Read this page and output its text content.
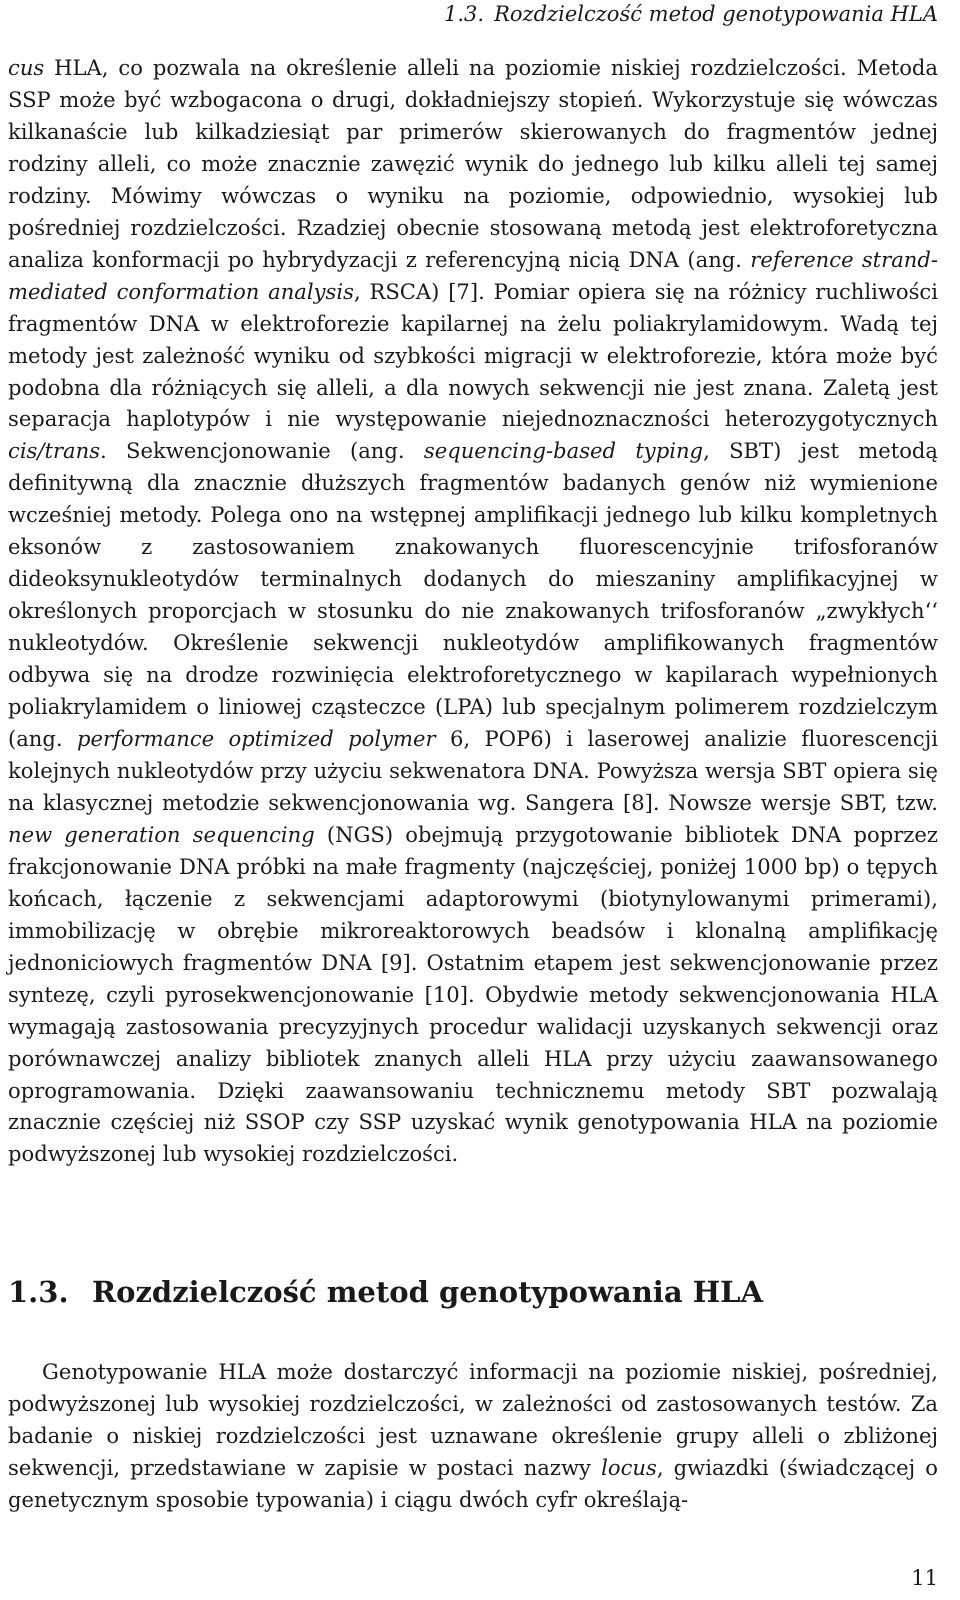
1.3. Rozdzielczość metod genotypowania HLA

cus HLA, co pozwala na określenie alleli na poziomie niskiej rozdzielczości. Metoda SSP może być wzbogacona o drugi, dokładniejszy stopień. Wykorzystuje się wówczas kilkanaście lub kilkadziesiąt par primerów skierowanych do fragmentów jednej rodziny alleli, co może znacznie zawęzić wynik do jednego lub kilku alleli tej samej rodziny. Mówimy wówczas o wyniku na poziomie, odpowiednio, wysokiej lub pośredniej rozdzielczości. Rzadziej obecnie stosowaną metodą jest elektroforetyczna analiza konformacji po hybrydyzacji z referencyjną nicią DNA (ang. reference strand-mediated conformation analysis, RSCA) [7]. Pomiar opiera się na różnicy ruchliwości fragmentów DNA w elektroforezie kapilarnej na żelu poliakrylamidowym. Wadą tej metody jest zależność wyniku od szybkości migracji w elektroforezie, która może być podobna dla różniących się alleli, a dla nowych sekwencji nie jest znana. Zaletą jest separacja haplotypów i nie występowanie niejednoznaczności heterozygotycznych cis/trans. Sekwencjonowanie (ang. sequencing-based typing, SBT) jest metodą definitywną dla znacznie dłuższych fragmentów badanych genów niż wymienione wcześniej metody. Polega ono na wstępnej amplifikacji jednego lub kilku kompletnych eksonów z zastosowaniem znakowanych fluorescencyjnie trifosforanów dideoksynukleotydów terminalnych dodanych do mieszaniny amplifikacyjnej w określonych proporcjach w stosunku do nie znakowanych trifosforanów „zwykłych‘‘ nukleotydów. Określenie sekwencji nukleotydów amplifikowanych fragmentów odbywa się na drodze rozwinięcia elektroforetycznego w kapilarach wypełnionych poliakrylamidem o liniowej cząsteczce (LPA) lub specjalnym polimerem rozdzielczym (ang. performance optimized polymer 6, POP6) i laserowej analizie fluorescencji kolejnych nukleotydów przy użyciu sekwenatora DNA. Powyższa wersja SBT opiera się na klasycznej metodzie sekwencjonowania wg. Sangera [8]. Nowsze wersje SBT, tzw. new generation sequencing (NGS) obejmują przygotowanie bibliotek DNA poprzez frakcjonowanie DNA próbki na małe fragmenty (najczęściej, poniżej 1000 bp) o tępych końcach, łączenie z sekwencjami adaptorowymi (biotynylowanymi primerami), immobilizację w obrębie mikroreaktorowych beadsów i klonalną amplifikację jednoniciowych fragmentów DNA [9]. Ostatnim etapem jest sekwencjonowanie przez syntezę, czyli pyrosekwencjonowanie [10]. Obydwie metody sekwencjonowania HLA wymagają zastosowania precyzyjnych procedur walidacji uzyskanych sekwencji oraz porównawczej analizy bibliotek znanych alleli HLA przy użyciu zaawansowanego oprogramowania. Dzięki zaawansowaniu technicznemu metody SBT pozwalają znacznie częściej niż SSOP czy SSP uzyskać wynik genotypowania HLA na poziomie podwyższonej lub wysokiej rozdzielczości.

1.3. Rozdzielczość metod genotypowania HLA

Genotypowanie HLA może dostarczyć informacji na poziomie niskiej, pośredniej, podwyższonej lub wysokiej rozdzielczości, w zależności od zastosowanych testów. Za badanie o niskiej rozdzielczości jest uznawane określenie grupy alleli o zbliżonej sekwencji, przedstawiane w zapisie w postaci nazwy locus, gwiazdki (świadczącej o genetycznym sposobie typowania) i ciągu dwóch cyfr określają-

11
